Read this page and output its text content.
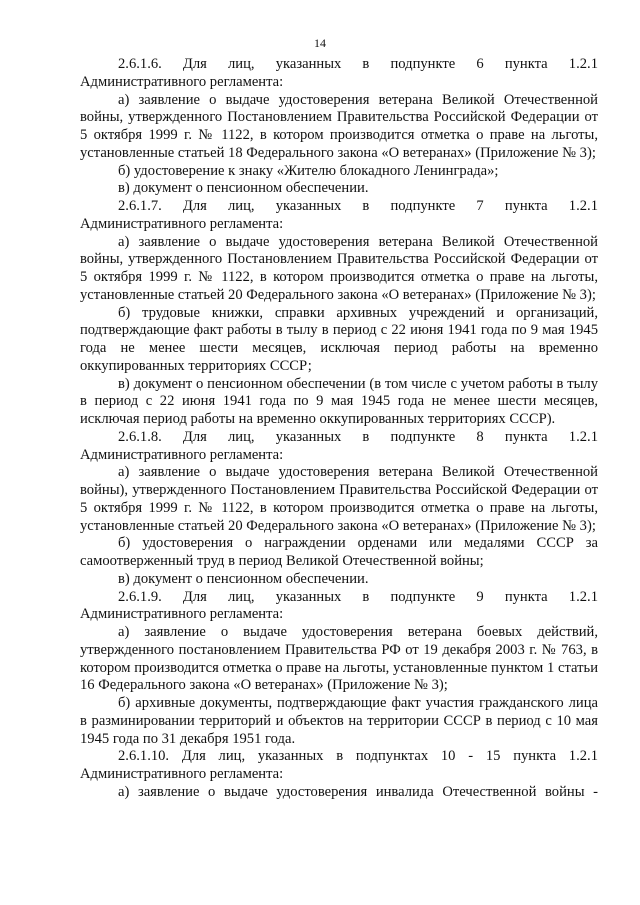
14

2.6.1.6. Для лиц, указанных в подпункте 6 пункта 1.2.1

Административного регламента:

а) заявление о выдаче удостоверения ветерана Великой Отечественной войны, утвержденного Постановлением Правительства Российской Федерации от 5 октября 1999 г. № 1122, в котором производится отметка о праве на льготы, установленные статьей 18 Федерального закона «О ветеранах» (Приложение № 3);

б) удостоверение к знаку «Жителю блокадного Ленинграда»;

в) документ о пенсионном обеспечении.

2.6.1.7. Для лиц, указанных в подпункте 7 пункта 1.2.1

Административного регламента:

а) заявление о выдаче удостоверения ветерана Великой Отечественной войны, утвержденного Постановлением Правительства Российской Федерации от 5 октября 1999 г. № 1122, в котором производится отметка о праве на льготы, установленные статьей 20 Федерального закона «О ветеранах» (Приложение № 3);

б) трудовые книжки, справки архивных учреждений и организаций, подтверждающие факт работы в тылу в период с 22 июня 1941 года по 9 мая 1945 года не менее шести месяцев, исключая период работы на временно оккупированных территориях СССР;

в) документ о пенсионном обеспечении (в том числе с учетом работы в тылу в период с 22 июня 1941 года по 9 мая 1945 года не менее шести месяцев, исключая период работы на временно оккупированных территориях СССР).

2.6.1.8. Для лиц, указанных в подпункте 8 пункта 1.2.1

Административного регламента:

а) заявление о выдаче удостоверения ветерана Великой Отечественной войны), утвержденного Постановлением Правительства Российской Федерации от 5 октября 1999 г. № 1122, в котором производится отметка о праве на льготы, установленные статьей 20 Федерального закона «О ветеранах» (Приложение № 3);

б) удостоверения о награждении орденами или медалями СССР за самоотверженный труд в период Великой Отечественной войны;

в) документ о пенсионном обеспечении.

2.6.1.9. Для лиц, указанных в подпункте 9 пункта 1.2.1

Административного регламента:

а) заявление о выдаче удостоверения ветерана боевых действий, утвержденного постановлением Правительства РФ от 19 декабря 2003 г. № 763, в котором производится отметка о праве на льготы, установленные пунктом 1 статьи 16 Федерального закона «О ветеранах» (Приложение № 3);

б) архивные документы, подтверждающие факт участия гражданского лица в разминировании территорий и объектов на территории СССР в период с 10 мая 1945 года по 31 декабря 1951 года.

2.6.1.10. Для лиц, указанных в подпунктах 10 - 15 пункта 1.2.1

Административного регламента:

а) заявление о выдаче удостоверения инвалида Отечественной войны -
